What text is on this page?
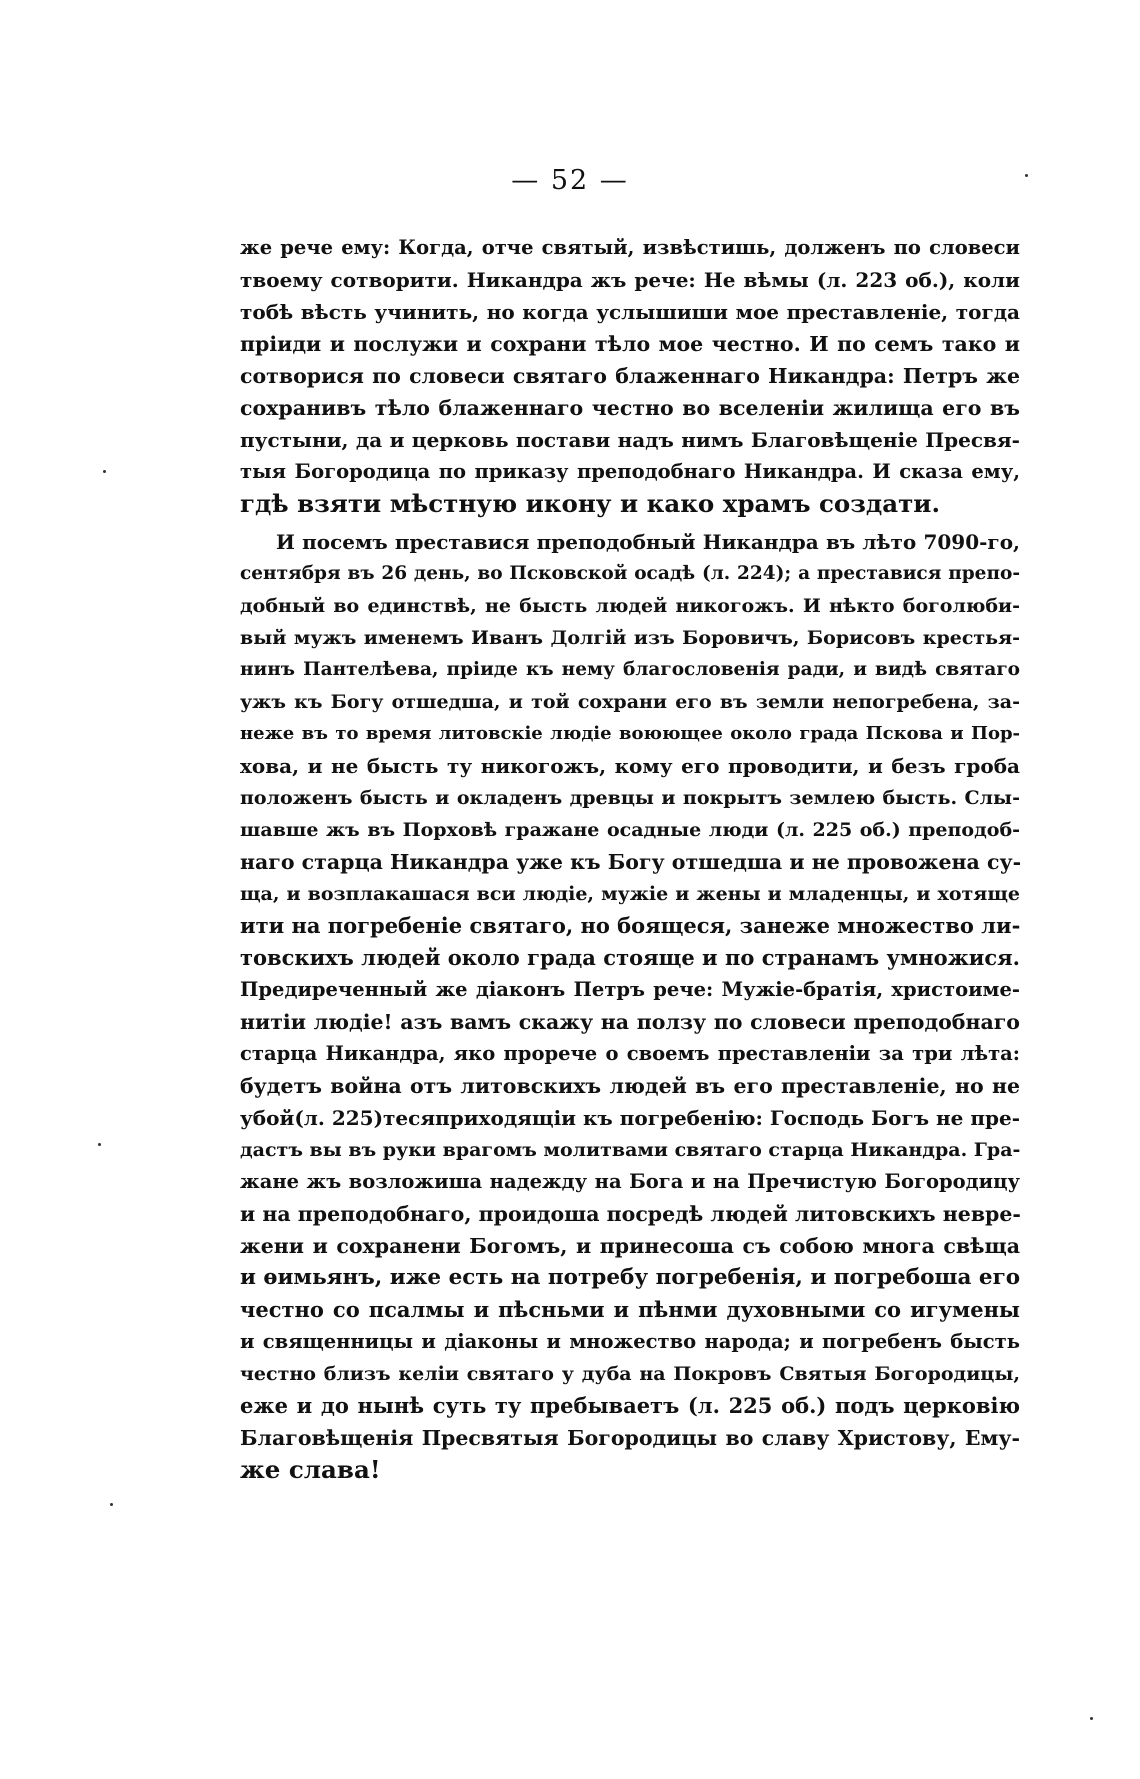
— 52 —
же рече ему: Когда, отче святый, извѣстишь, долженъ по словеси
твоему сотворити. Никандра жъ рече: Не вѣмы (л. 223 об.), коли
тобѣ вѣсть учинить, но когда услышиши мое преставленіе, тогда
пріиди и послужи и сохрани тѣло мое честно. И по семъ тако и
сотворися по словеси святаго блаженнаго Никандра: Петръ же
сохранивъ тѣло блаженнаго честно во вселеніи жилища его въ
пустыни, да и церковь постави надъ нимъ Благовѣщеніе Пресвя-
тыя Богородица по приказу преподобнаго Никандра. И сказа ему,
гдѣ взяти мѣстную икону и како храмъ создати.
И посемъ преставися преподобный Никандра въ лѣто 7090-го,
сентября въ 26 день, во Псковской осадѣ (л. 224); а преставися препо-
добный во единствѣ, не бысть людей никогожъ. И нѣкто боголюби-
вый мужъ именемъ Иванъ Долгій изъ Боровичъ, Борисовъ крестья-
нинъ Пантелѣева, пріиде къ нему благословенія ради, и видѣ святаго
ужъ къ Богу отшедша, и той сохрани его въ земли непогребена, за-
неже въ то время литовскіе людіе воюющее около града Пскова и Пор-
хова, и не бысть ту никогожъ, кому его проводити, и безъ гроба
положенъ бысть и окладенъ древцы и покрытъ землею бысть. Слы-
шавше жъ въ Порховѣ гражане осадные люди (л. 225 об.) преподоб-
наго старца Никандра уже къ Богу отшедша и не провожена су-
ща, и возплакашася вси людіе, мужіе и жены и младенцы, и хотяще
ити на погребеніе святаго, но боящеся, занеже множество ли-
товскихъ людей около града стояще и по странамъ умножися.
Предиреченный же діаконъ Петръ рече: Мужіе-братія, христоиме-
нитіи людіе! азъ вамъ скажу на ползу по словеси преподобнаго
старца Никандра, яко прорече о своемъ преставленіи за три лѣта:
будетъ война отъ литовскихъ людей въ его преставленіе, но не
убой(л. 225)тесяприходящіи къ погребенію: Господь Богъ не пре-
дастъ вы въ руки врагомъ молитвами святаго старца Никандра. Гра-
жане жъ возложиша надежду на Бога и на Пречистую Богородицу
и на преподобнаго, проидоша посредѣ людей литовскихъ невре-
жени и сохранени Богомъ, и принесоша съ собою многа свѣща
и ѳимьянъ, иже есть на потребу погребенія, и погребоша его
честно со псалмы и пѣсньми и пѣнми духовными со игумены
и священницы и діаконы и множество народа; и погребенъ бысть
честно близъ келіи святаго у дуба на Покровъ Святыя Богородицы,
еже и до нынѣ суть ту пребываетъ (л. 225 об.) подъ церковію
Благовѣщенія Пресвятыя Богородицы во славу Христову, Ему-
же слава!
